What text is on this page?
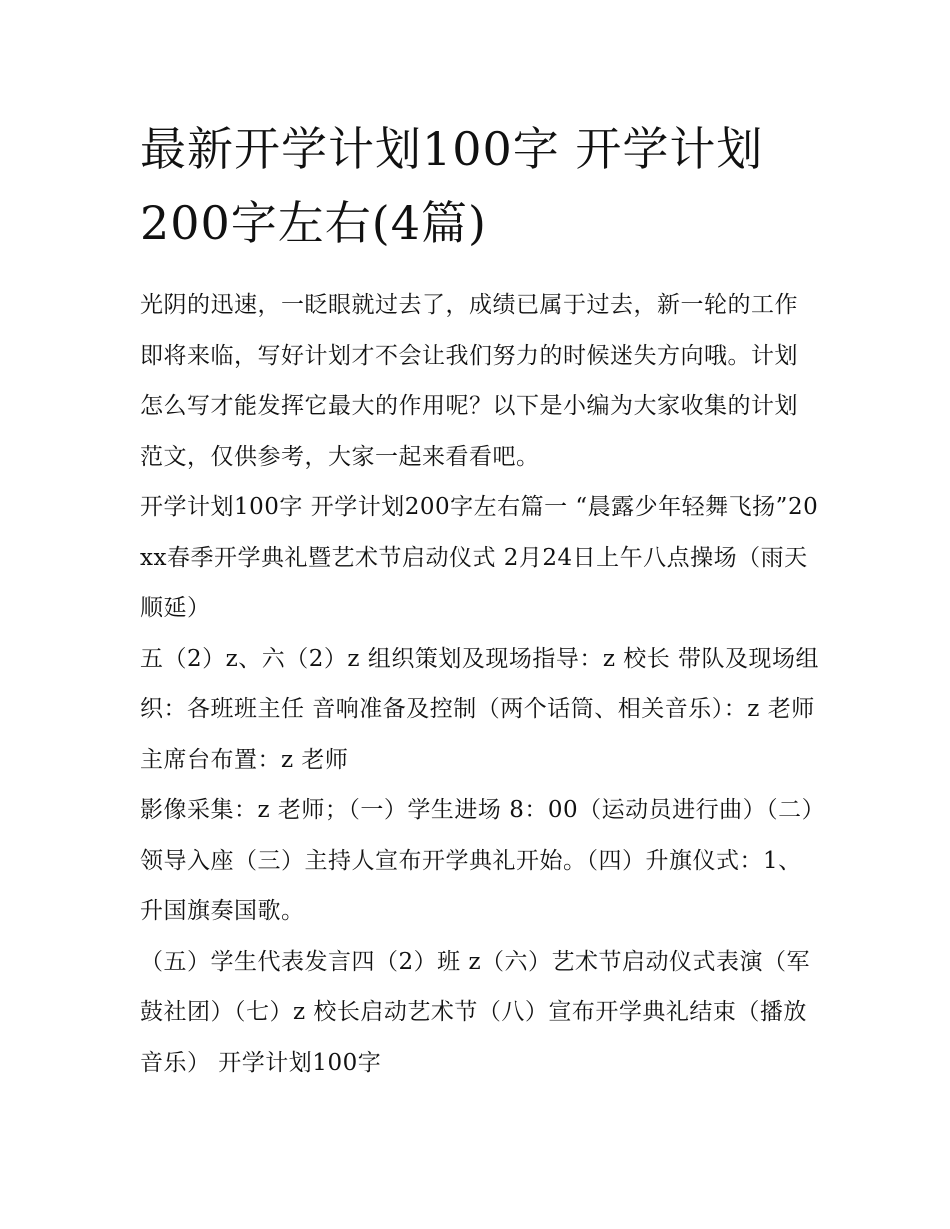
最新开学计划100字 开学计划200字左右(4篇)

光阴的迅速，一眨眼就过去了，成绩已属于过去，新一轮的工作即将来临，写好计划才不会让我们努力的时候迷失方向哦。计划怎么写才能发挥它最大的作用呢？以下是小编为大家收集的计划范文，仅供参考，大家一起来看看吧。

开学计划100字 开学计划200字左右篇一 “晨露少年轻舞飞扬”20xx春季开学典礼暨艺术节启动仪式 2月24日上午八点操场（雨天顺延）

五（2）z、六（2）z 组织策划及现场指导：z 校长 带队及现场组织：各班班主任 音响准备及控制（两个话筒、相关音乐）：z 老师 主席台布置：z 老师

影像采集：z 老师；（一）学生进场 8：00（运动员进行曲）（二）领导入座（三）主持人宣布开学典礼开始。（四）升旗仪式：1、升国旗奏国歌。

（五）学生代表发言四（2）班 z（六）艺术节启动仪式表演（军鼓社团）（七）z 校长启动艺术节（八）宣布开学典礼结束（播放音乐） 开学计划100字
